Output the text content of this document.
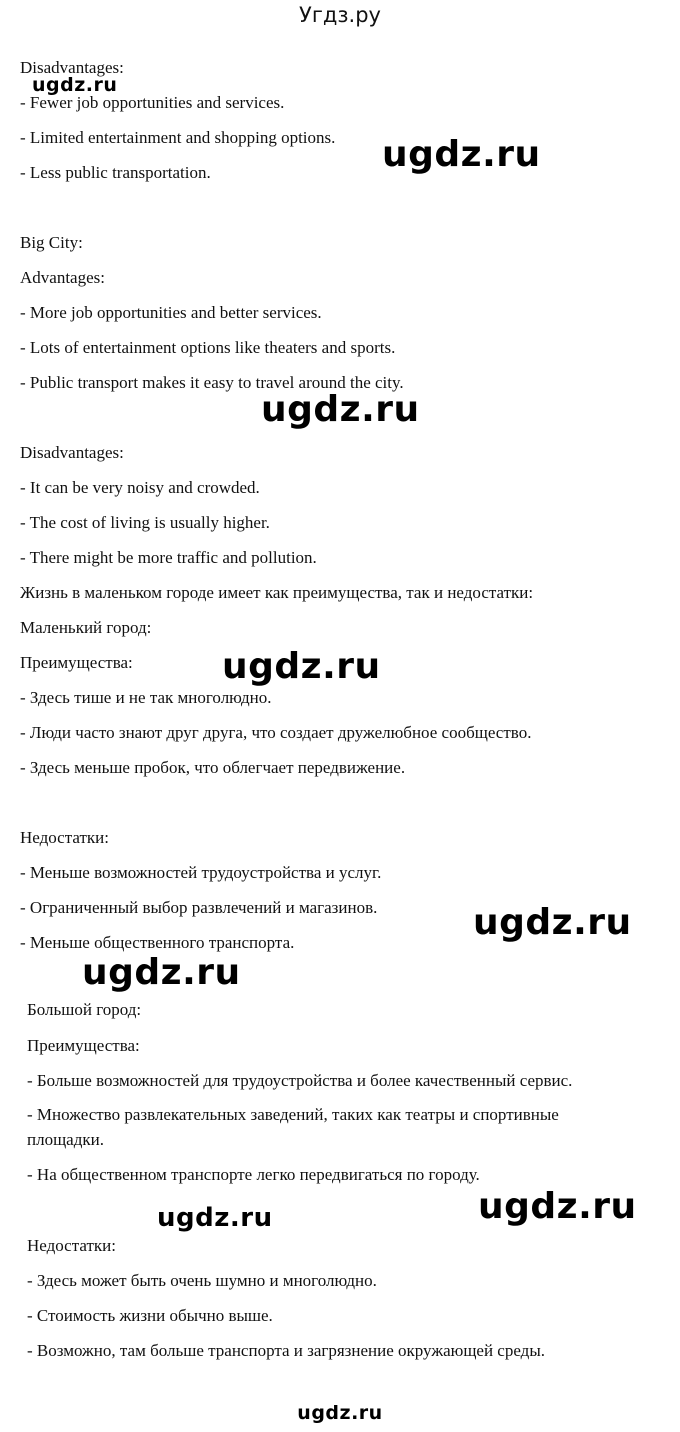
Угдз.ру
Disadvantages:
- Fewer job opportunities and services.
- Limited entertainment and shopping options.
- Less public transportation.
Big City:
Advantages:
- More job opportunities and better services.
- Lots of entertainment options like theaters and sports.
- Public transport makes it easy to travel around the city.
Disadvantages:
- It can be very noisy and crowded.
- The cost of living is usually higher.
- There might be more traffic and pollution.
Жизнь в маленьком городе имеет как преимущества, так и недостатки:
Маленький город:
Преимущества:
- Здесь тише и не так многолюдно.
- Люди часто знают друг друга, что создает дружелюбное сообщество.
- Здесь меньше пробок, что облегчает передвижение.
Недостатки:
- Меньше возможностей трудоустройства и услуг.
- Ограниченный выбор развлечений и магазинов.
- Меньше общественного транспорта.
Большой город:
Преимущества:
- Больше возможностей для трудоустройства и более качественный сервис.
- Множество развлекательных заведений, таких как театры и спортивные
площадки.
- На общественном транспорте легко передвигаться по городу.
Недостатки:
- Здесь может быть очень шумно и многолюдно.
- Стоимость жизни обычно выше.
- Возможно, там больше транспорта и загрязнение окружающей среды.
ugdz.ru
ugdz.ru
ugdz.ru
ugdz.ru
ugdz.ru
ugdz.ru
ugdz.ru
ugdz.ru
ugdz.ru
